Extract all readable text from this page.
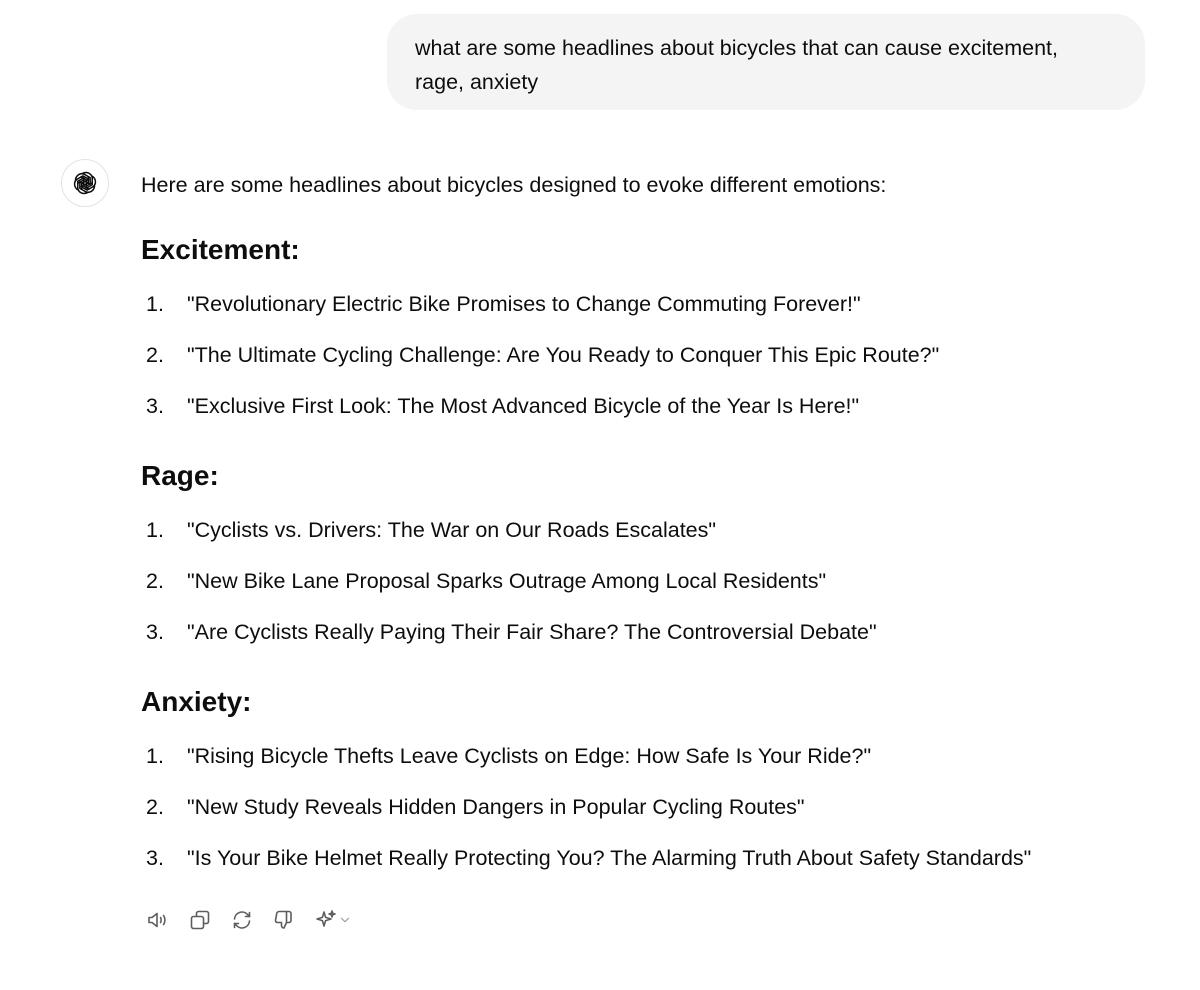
what are some headlines about bicycles that can cause excitement,
rage, anxiety
Here are some headlines about bicycles designed to evoke different emotions:
Excitement:
1.	"Revolutionary Electric Bike Promises to Change Commuting Forever!"
2.	"The Ultimate Cycling Challenge: Are You Ready to Conquer This Epic Route?"
3.	"Exclusive First Look: The Most Advanced Bicycle of the Year Is Here!"
Rage:
1.	"Cyclists vs. Drivers: The War on Our Roads Escalates"
2.	"New Bike Lane Proposal Sparks Outrage Among Local Residents"
3.	"Are Cyclists Really Paying Their Fair Share? The Controversial Debate"
Anxiety:
1.	"Rising Bicycle Thefts Leave Cyclists on Edge: How Safe Is Your Ride?"
2.	"New Study Reveals Hidden Dangers in Popular Cycling Routes"
3.	"Is Your Bike Helmet Really Protecting You? The Alarming Truth About Safety Standards"
